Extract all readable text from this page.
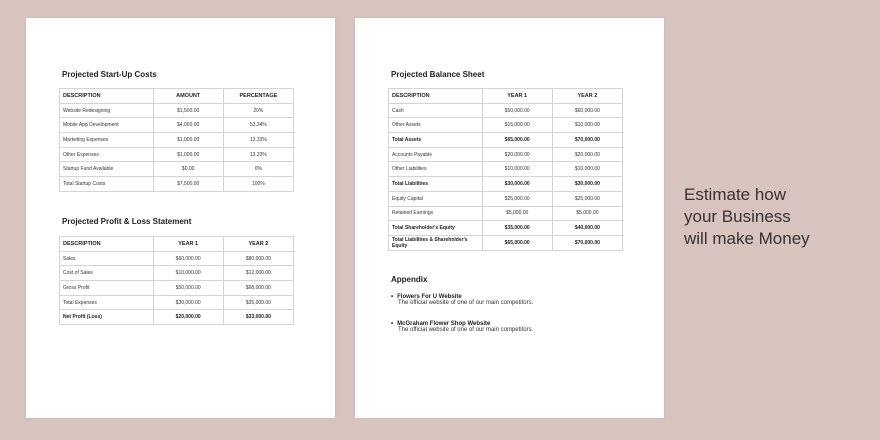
Projected Start-Up Costs
DESCRIPTION	AMOUNT	PERCENTAGE
Website Redesigning	$1,500.00	20%
Mobile App Development	$4,000.00	53.34%
Marketing Expenses	$1,000.00	13.33%
Other Expenses	$1,000.00	13.33%
Startup Fund Available	$0.00	0%
Total Startup Costs	$7,500.00	100%
Projected Profit & Loss Statement
DESCRIPTION	YEAR 1	YEAR 2
Sales	$60,000.00	$80,000.00
Cost of Sales	$10,000.00	$12,000.00
Gross Profit	$50,000.00	$68,000.00
Total Expenses	$30,000.00	$35,000.00
Net Profit (Loss)	$20,000.00	$33,000.00
Projected Balance Sheet
DESCRIPTION	YEAR 1	YEAR 2
Cash	$50,000.00	$60,000.00
Other Assets	$15,000.00	$10,000.00
Total Assets	$65,000.00	$70,000.00
Accounts Payable	$20,000.00	$20,000.00
Other Liabilities	$10,000.00	$10,000.00
Total Liabilities	$30,000.00	$30,000.00
Equity Capital	$25,000.00	$25,000.00
Retained Earnings	$5,000.00	$5,000.00
Total Shareholder's Equity	$35,000.00	$40,000.00
Total Liabilities & Shareholder's Equity	$65,000.00	$70,000.00
Appendix
• Flowers For U Website
The official website of one of our main competitors.
• McGraham Flower Shop Website
The official website of one of our main competitors.
Estimate how
your Business
will make Money
